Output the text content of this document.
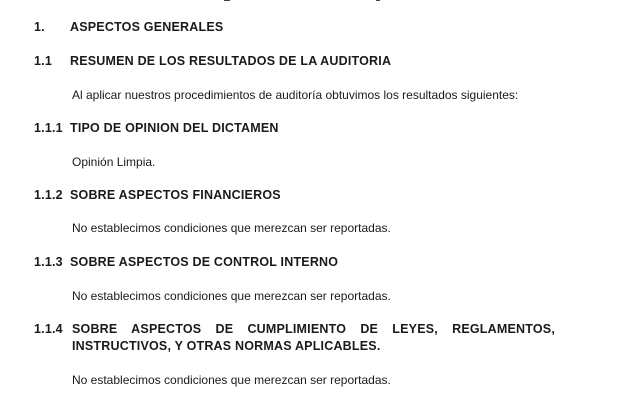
1. ASPECTOS GENERALES
1.1 RESUMEN DE LOS RESULTADOS DE LA AUDITORIA
Al aplicar nuestros procedimientos de auditoría obtuvimos los resultados siguientes:
1.1.1 TIPO DE OPINION DEL DICTAMEN
Opinión Limpia.
1.1.2 SOBRE ASPECTOS FINANCIEROS
No establecimos condiciones que merezcan ser reportadas.
1.1.3 SOBRE ASPECTOS DE CONTROL INTERNO
No establecimos condiciones que merezcan ser reportadas.
1.1.4 SOBRE ASPECTOS DE CUMPLIMIENTO DE LEYES, REGLAMENTOS,
INSTRUCTIVOS, Y OTRAS NORMAS APLICABLES.
No establecimos condiciones que merezcan ser reportadas.
